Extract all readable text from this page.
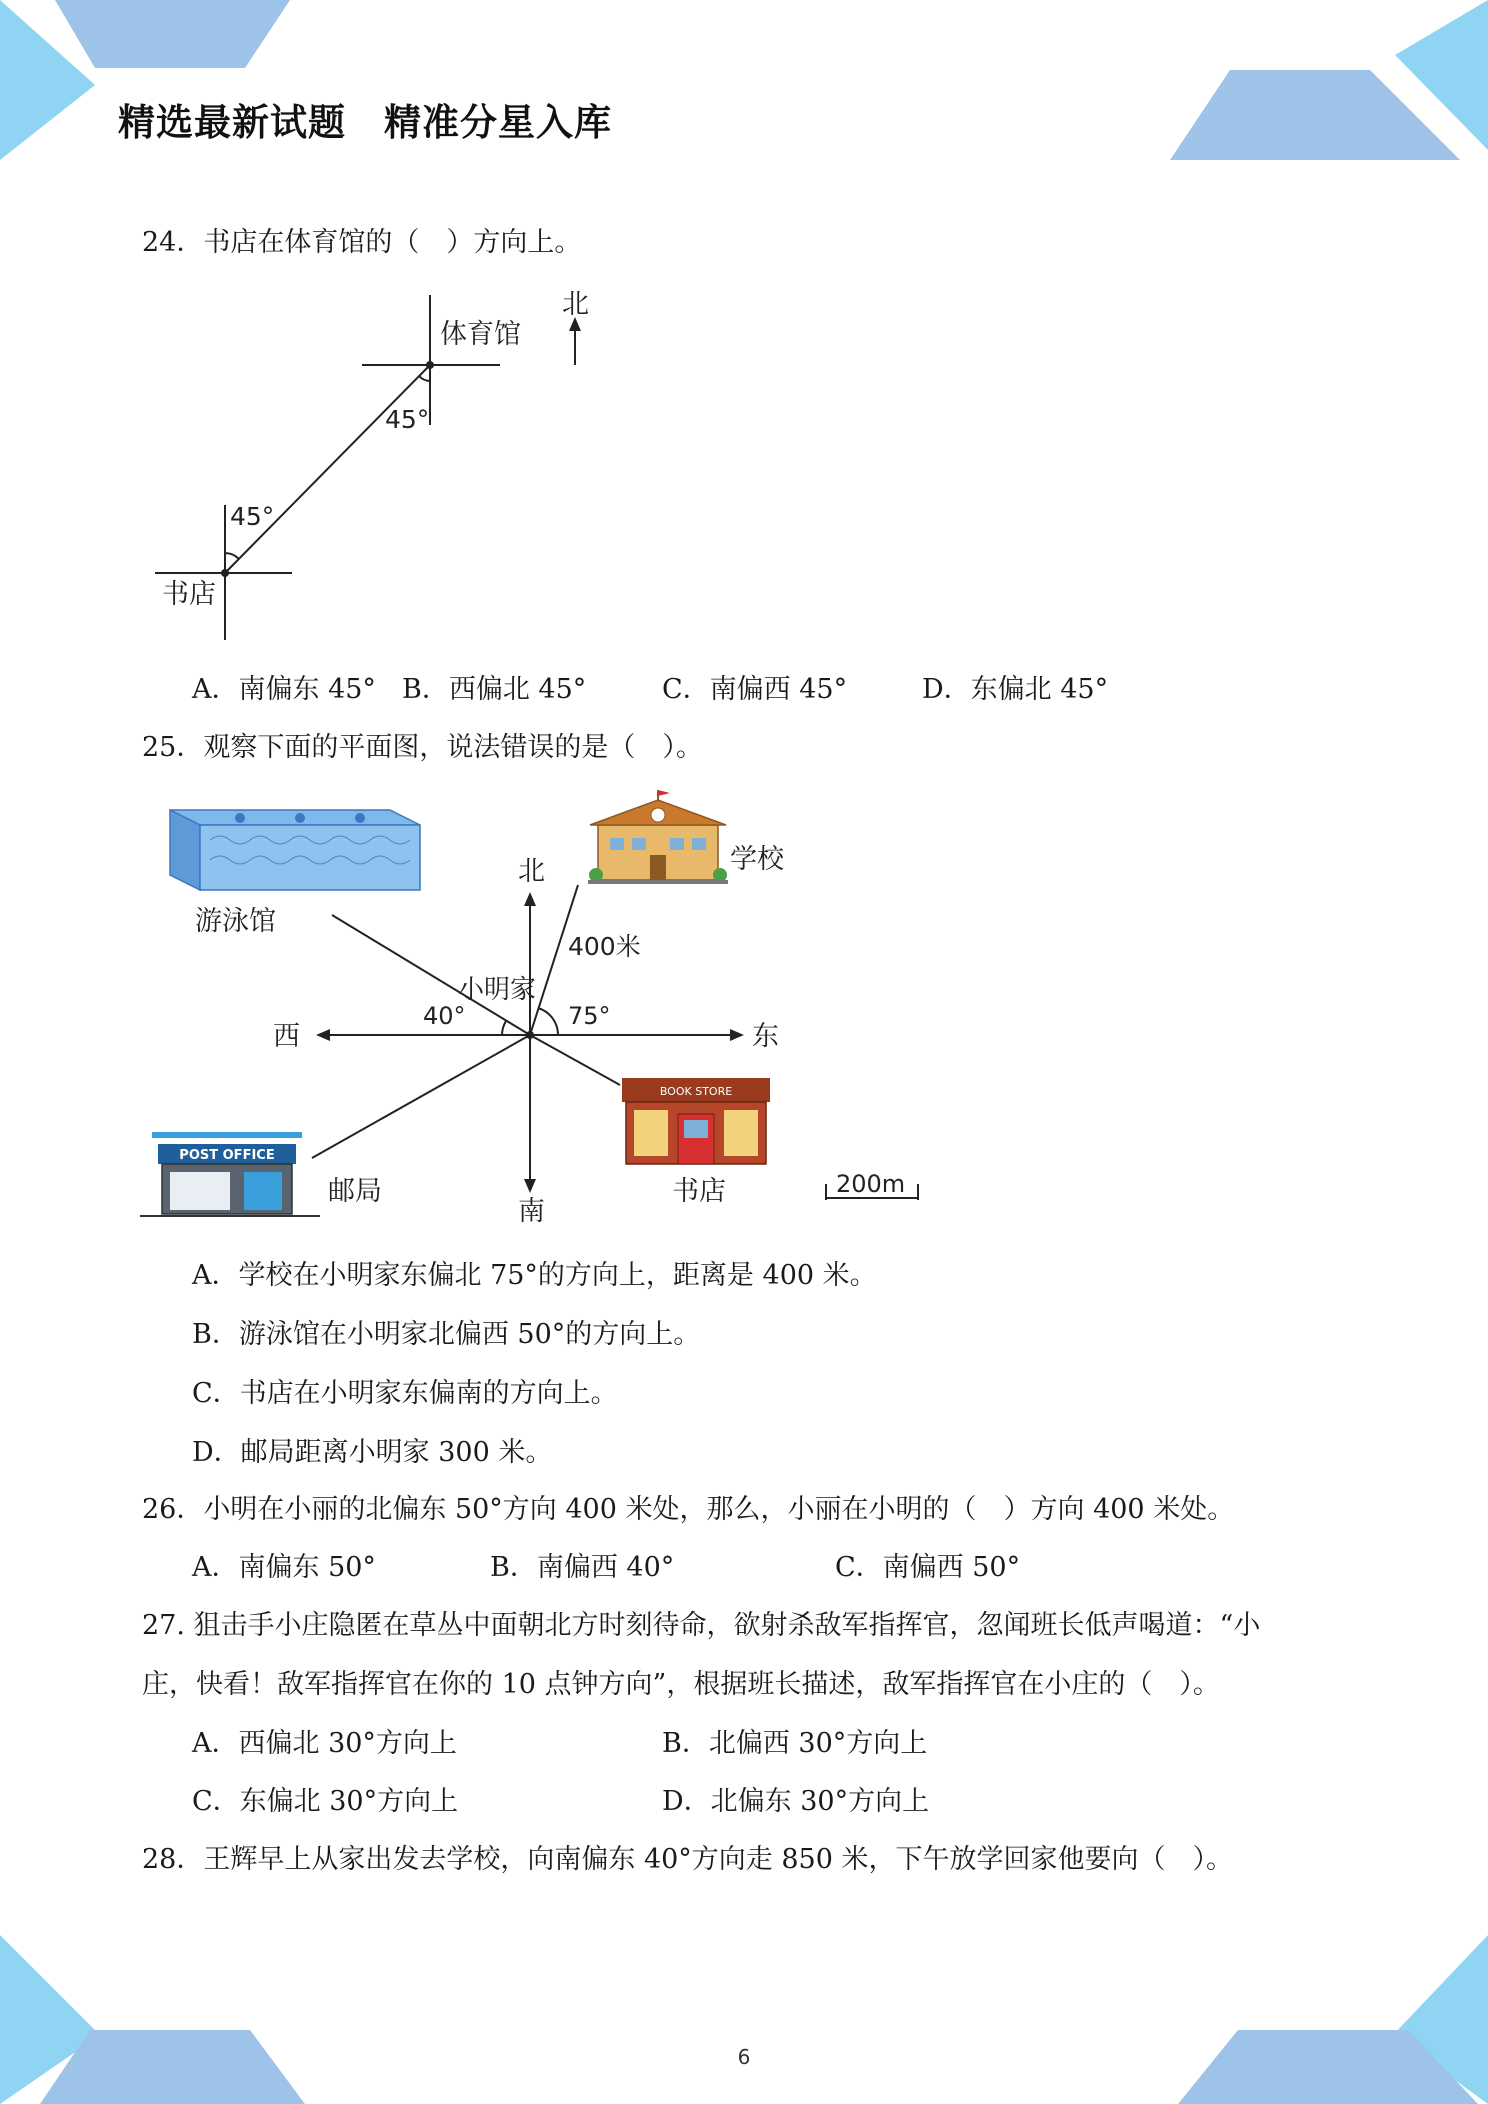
精选最新试题　精准分星入库
24．书店在体育馆的（　）方向上。
体育馆
北
45°
45°
书店
A．南偏东 45° B．西偏北 45°	C．南偏西 45°	D．东偏北 45°
25．观察下面的平面图，说法错误的是（　）。
游泳馆
学校
北
南
东
西
小明家
400米
40°	75°
BOOK STORE
书店
POST OFFICE
邮局	200m
A．学校在小明家东偏北 75°的方向上，距离是 400 米。
B．游泳馆在小明家北偏西 50°的方向上。
C．书店在小明家东偏南的方向上。
D．邮局距离小明家 300 米。
26．小明在小丽的北偏东 50°方向 400 米处，那么，小丽在小明的（　）方向 400 米处。
A．南偏东 50°	B．南偏西 40°	C．南偏西 50°
27. 狙击手小庄隐匿在草丛中面朝北方时刻待命，欲射杀敌军指挥官，忽闻班长低声喝道：“小
庄，快看！敌军指挥官在你的 10 点钟方向”，根据班长描述，敌军指挥官在小庄的（　）。
A．西偏北 30°方向上	B．北偏西 30°方向上
C．东偏北 30°方向上	D．北偏东 30°方向上
28．王辉早上从家出发去学校，向南偏东 40°方向走 850 米，下午放学回家他要向（　）。
6
